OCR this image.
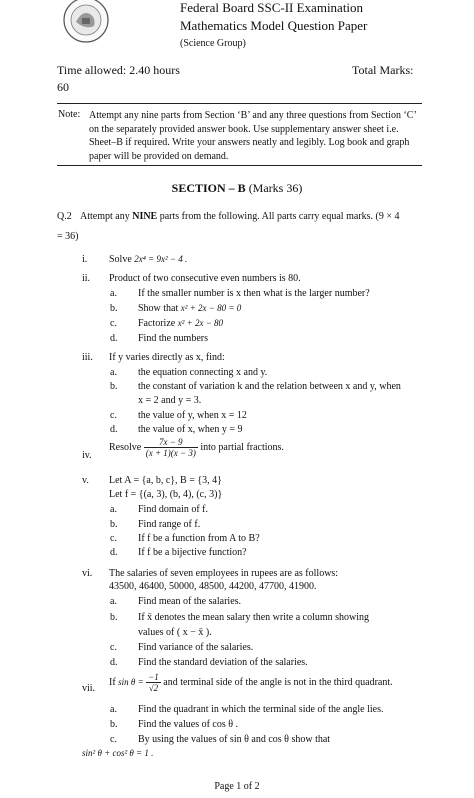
Federal Board SSC-II Examination
Mathematics Model Question Paper
(Science Group)
Time allowed: 2.40 hours	Total Marks:
60
Note: Attempt any nine parts from Section ‘B’ and any three questions from Section ‘C’ on the separately provided answer book. Use supplementary answer sheet i.e. Sheet–B if required. Write your answers neatly and legibly. Log book and graph paper will be provided on demand.
SECTION – B (Marks 36)
Q.2 Attempt any NINE parts from the following. All parts carry equal marks. (9 × 4
= 36)
i. Solve 2x⁴ = 9x² − 4 .
ii. Product of two consecutive even numbers is 80.
a. If the smaller number is x then what is the larger number?
b. Show that x² + 2x − 80 = 0
c. Factorize x² + 2x − 80
d. Find the numbers
iii. If y varies directly as x, find:
a. the equation connecting x and y.
b. the constant of variation k and the relation between x and y, when
x = 2 and y = 3.
c. the value of y, when x = 12
d. the value of x, when y = 9
iv.
Resolve $\frac{7x - 9}{(x + 1)(x - 3)}$ into partial fractions.
v. Let A = {a, b, c}, B = {3, 4}
Let f = {(a, 3), (b, 4), (c, 3)}
a. Find domain of f.
b. Find range of f.
c. If f be a function from A to B?
d. If f be a bijective function?
vi. The salaries of seven employees in rupees are as follows:
43500, 46400, 50000, 48500, 44200, 47700, 41900.
a. Find mean of the salaries.
b. If x̄ denotes the mean salary then write a column showing
values of ( x − x̄ ).
c. Find variance of the salaries.
d. Find the standard deviation of the salaries.
vii.
If $\sin \theta = \frac{-1}{√2}$ and terminal side of the angle is not in the third quadrant.
a. Find the quadrant in which the terminal side of the angle lies.
b. Find the values of cos θ .
c. By using the values of sin θ and cos θ show that
sin² θ + cos² θ = 1 .
Page 1 of 2
